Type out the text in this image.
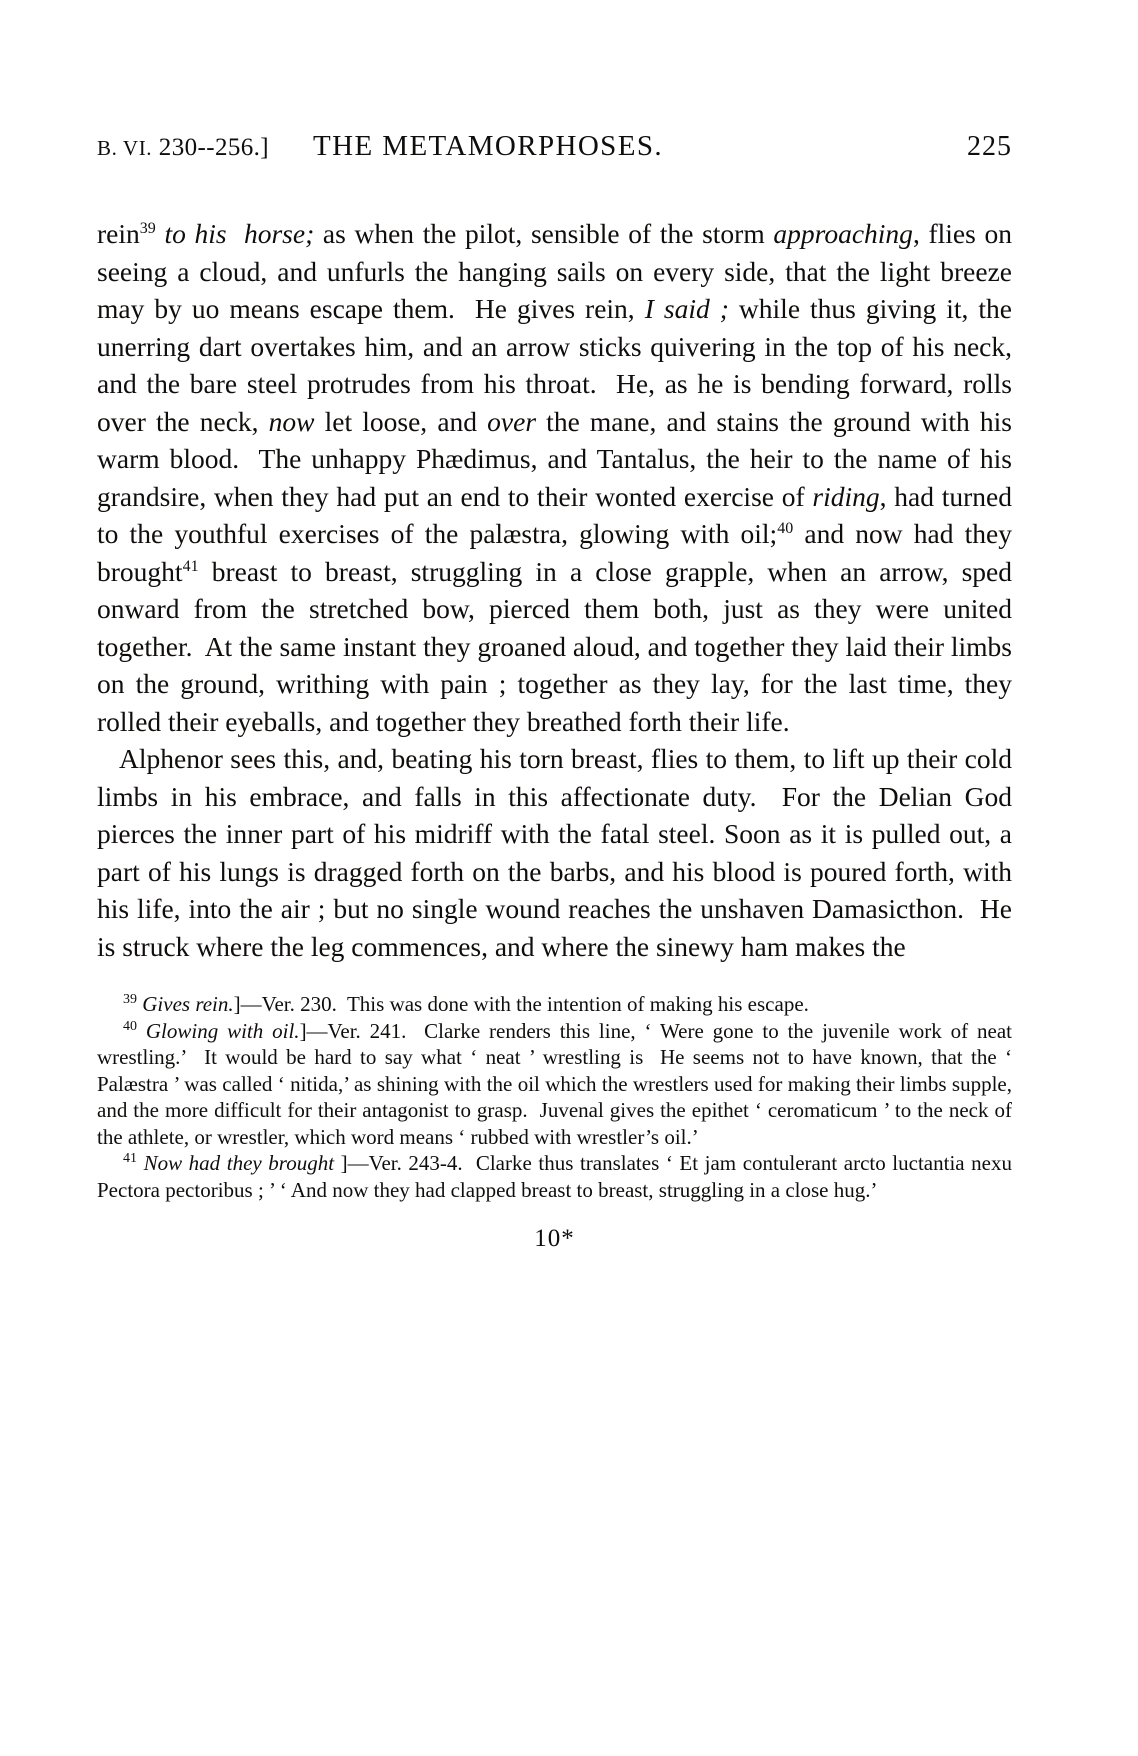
B. VI. 230--256.]	THE METAMORPHOSES.	225

rein$^{39}$ to his  horse; as when the pilot, sensible of the storm approaching, flies on seeing a cloud, and unfurls the hanging sails on every side, that the light breeze may by uo means escape them.  He gives rein, I said ; while thus giving it, the unerring dart overtakes him, and an arrow sticks quivering in the top of his neck, and the bare steel protrudes from his throat.  He, as he is bending forward, rolls over the neck, now let loose, and over the mane, and stains the ground with his warm blood.  The unhappy Phædimus, and Tantalus, the heir to the name of his grandsire, when they had put an end to their wonted exercise of riding, had turned to the youthful exercises of the palæstra, glowing with oil;$^{40}$ and now had they brought$^{41}$ breast to breast, struggling in a close grapple, when an arrow, sped onward from the stretched bow, pierced them both, just as they were united together.  At the same instant they groaned aloud, and together they laid their limbs on the ground, writhing with pain ; together as they lay, for the last time, they rolled their eyeballs, and together they breathed forth their life.

Alphenor sees this, and, beating his torn breast, flies to them, to lift up their cold limbs in his embrace, and falls in this affectionate duty.  For the Delian God pierces the inner part of his midriff with the fatal steel. Soon as it is pulled out, a part of his lungs is dragged forth on the barbs, and his blood is poured forth, with his life, into the air ; but no single wound reaches the unshaven Damasicthon.  He is struck where the leg commences, and where the sinewy ham makes the

$^{39}$ Gives rein.]—Ver. 230.  This was done with the intention of making his escape.

$^{40}$ Glowing with oil.]—Ver. 241.  Clarke renders this line, ‘ Were gone to the juvenile work of neat wrestling.’  It would be hard to say what ‘ neat ’ wrestling is  He seems not to have known, that the ‘ Palæstra ’ was called ‘ nitida,’ as shining with the oil which the wrestlers used for making their limbs supple, and the more difficult for their antagonist to grasp.  Juvenal gives the epithet ‘ ceromaticum ’ to the neck of the athlete, or wrestler, which word means ‘ rubbed with wrestler’s oil.’

$^{41}$ Now had they brought ]—Ver. 243-4.  Clarke thus translates ‘ Et jam contulerant arcto luctantia nexu Pectora pectoribus ; ’ ‘ And now they had clapped breast to breast, struggling in a close hug.’

10*
